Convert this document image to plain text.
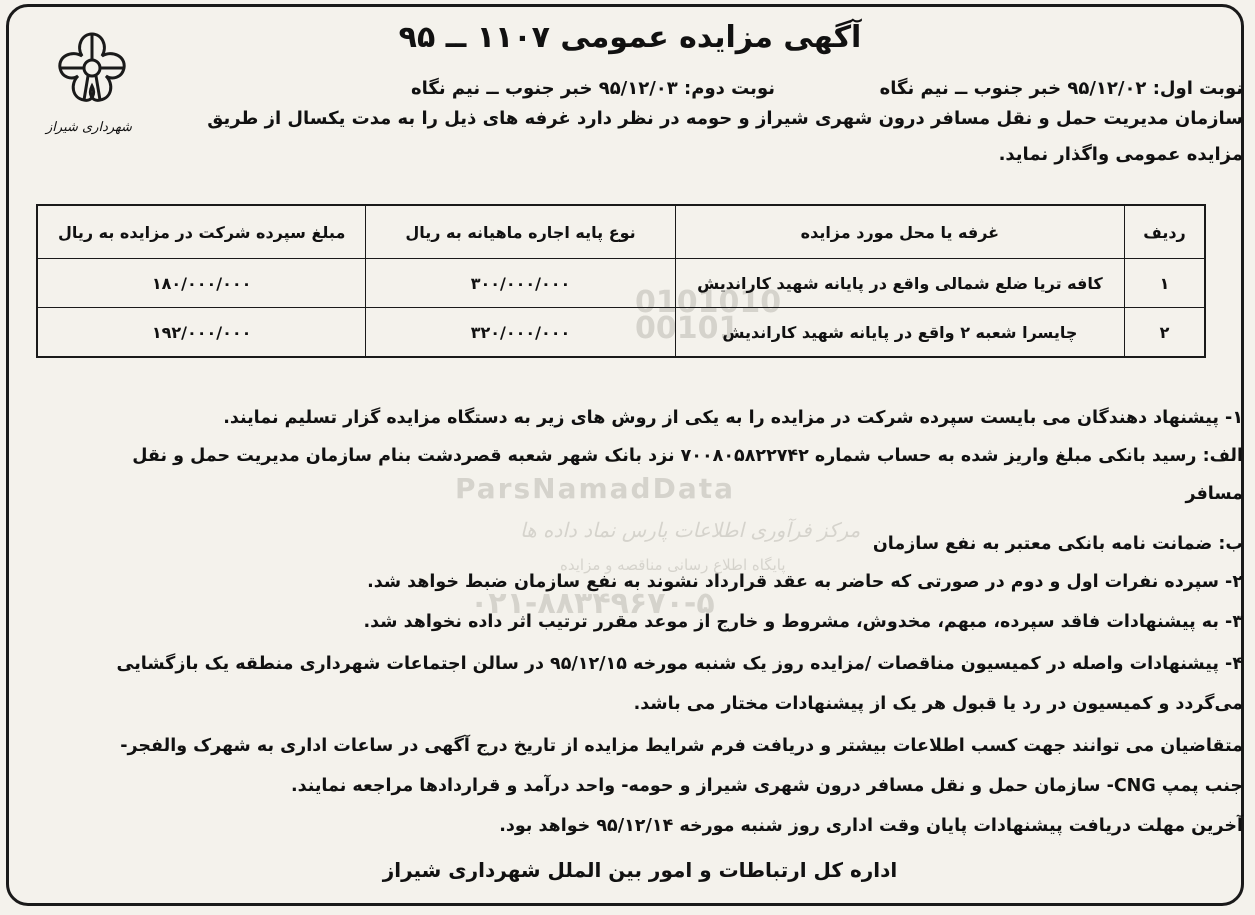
010101000101
ParsNamadData
مرکز فرآوری اطلاعات پارس نماد داده ها
پایگاه اطلاع رسانی مناقصه و مزایده
۰۲۱-۸۸۳۴۹۶۷۰-۵
شهرداری شیراز
آگهی مزایده عمومی ۱۱۰۷ ــ ۹۵
نوبت اول: ۹۵/۱۲/۰۲ خبر جنوب ــ نیم نگاه
نوبت دوم: ۹۵/۱۲/۰۳ خبر جنوب ــ نیم نگاه
سازمان مدیریت حمل و نقل مسافر درون شهری شیراز و حومه در نظر دارد غرفه های ذیل را به مدت یکسال از طریق
مزایده عمومی واگذار نماید.
ردیف	غرفه یا محل مورد مزایده	نوع پایه اجاره ماهیانه به ریال	مبلغ سپرده شرکت در مزایده به ریال
۱	کافه تریا ضلع شمالی واقع در پایانه شهید کاراندیش	۳۰۰/۰۰۰/۰۰۰	۱۸۰/۰۰۰/۰۰۰
۲	چایسرا شعبه ۲ واقع در پایانه شهید کاراندیش	۳۲۰/۰۰۰/۰۰۰	۱۹۲/۰۰۰/۰۰۰
۱- پیشنهاد دهندگان می بایست سپرده شرکت در مزایده را به یکی از روش های زیر به دستگاه مزایده گزار تسلیم نمایند.
الف: رسید بانکی مبلغ واریز شده به حساب شماره ۷۰۰۸۰۵۸۲۲۷۴۲ نزد بانک شهر شعبه قصردشت بنام سازمان مدیریت حمل و نقل
مسافر
ب: ضمانت نامه بانکی معتبر به نفع سازمان
۲- سپرده نفرات اول و دوم در صورتی که حاضر به عقد قرارداد نشوند به نفع سازمان ضبط خواهد شد.
۳- به پیشنهادات فاقد سپرده، مبهم، مخدوش، مشروط و خارج از موعد مقرر ترتیب اثر داده نخواهد شد.
۴- پیشنهادات واصله در کمیسیون مناقصات /مزایده روز یک شنبه مورخه ۹۵/۱۲/۱۵ در سالن اجتماعات شهرداری منطقه یک بازگشایی
می‌گردد و کمیسیون در رد یا قبول هر یک از پیشنهادات مختار می باشد.
متقاضیان می توانند جهت کسب اطلاعات بیشتر و دریافت فرم شرایط مزایده از تاریخ درج آگهی در ساعات اداری به شهرک والفجر-
جنب پمپ CNG- سازمان حمل و نقل مسافر درون شهری شیراز و حومه- واحد درآمد و قراردادها مراجعه نمایند.
آخرین مهلت دریافت پیشنهادات پایان وقت اداری روز شنبه مورخه ۹۵/۱۲/۱۴ خواهد بود.
اداره کل ارتباطات و امور بین الملل شهرداری شیراز
